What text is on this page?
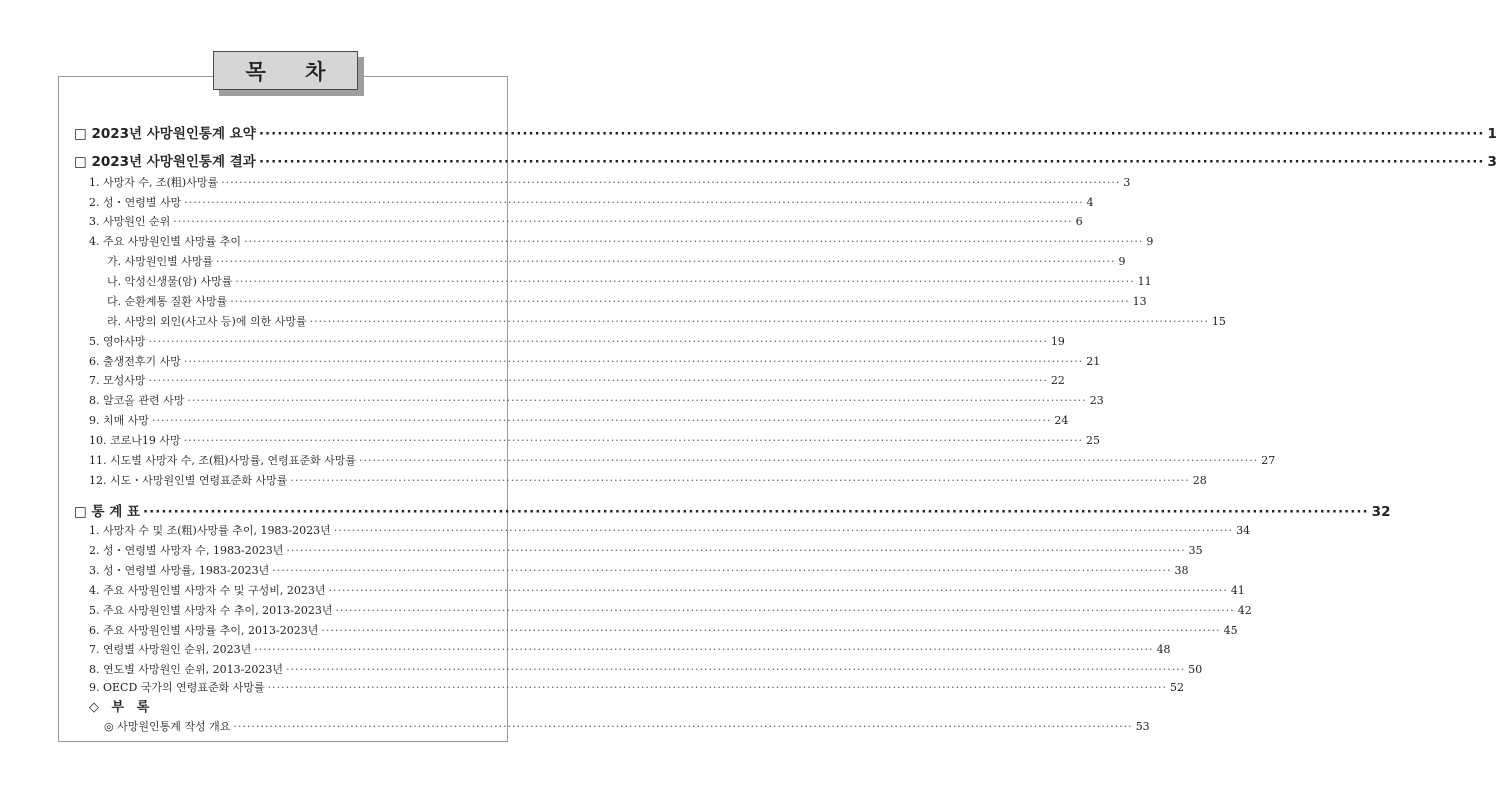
목 차
□ 2023년 사망원인통계 요약 ········································································································································································································ 1
□ 2023년 사망원인통계 결과 ········································································································································································································ 3
1. 사망자 수, 조(粗)사망률 ········································································································································································································ 3
2. 성・연령별 사망 ········································································································································································································ 4
3. 사망원인 순위 ········································································································································································································ 6
4. 주요 사망원인별 사망률 추이 ········································································································································································································ 9
가. 사망원인별 사망률 ········································································································································································································ 9
나. 악성신생물(암) 사망률 ········································································································································································································ 11
다. 순환계통 질환 사망률 ········································································································································································································ 13
라. 사망의 외인(사고사 등)에 의한 사망률 ········································································································································································································ 15
5. 영아사망 ········································································································································································································ 19
6. 출생전후기 사망 ········································································································································································································ 21
7. 모성사망 ········································································································································································································ 22
8. 알코올 관련 사망 ········································································································································································································ 23
9. 치매 사망 ········································································································································································································ 24
10. 코로나19 사망 ········································································································································································································ 25
11. 시도별 사망자 수, 조(粗)사망률, 연령표준화 사망률 ········································································································································································································ 27
12. 시도・사망원인별 연령표준화 사망률 ········································································································································································································ 28
□ 통 계 표 ········································································································································································································ 32
1. 사망자 수 및 조(粗)사망률 추이, 1983-2023년 ········································································································································································································ 34
2. 성・연령별 사망자 수, 1983-2023년 ········································································································································································································ 35
3. 성・연령별 사망률, 1983-2023년 ········································································································································································································ 38
4. 주요 사망원인별 사망자 수 및 구성비, 2023년 ········································································································································································································ 41
5. 주요 사망원인별 사망자 수 추이, 2013-2023년 ········································································································································································································ 42
6. 주요 사망원인별 사망률 추이, 2013-2023년 ········································································································································································································ 45
7. 연령별 사망원인 순위, 2023년 ········································································································································································································ 48
8. 연도별 사망원인 순위, 2013-2023년 ········································································································································································································ 50
9. OECD 국가의 연령표준화 사망률 ········································································································································································································ 52
◇ 부 록
◎ 사망원인통계 작성 개요 ········································································································································································································ 53
